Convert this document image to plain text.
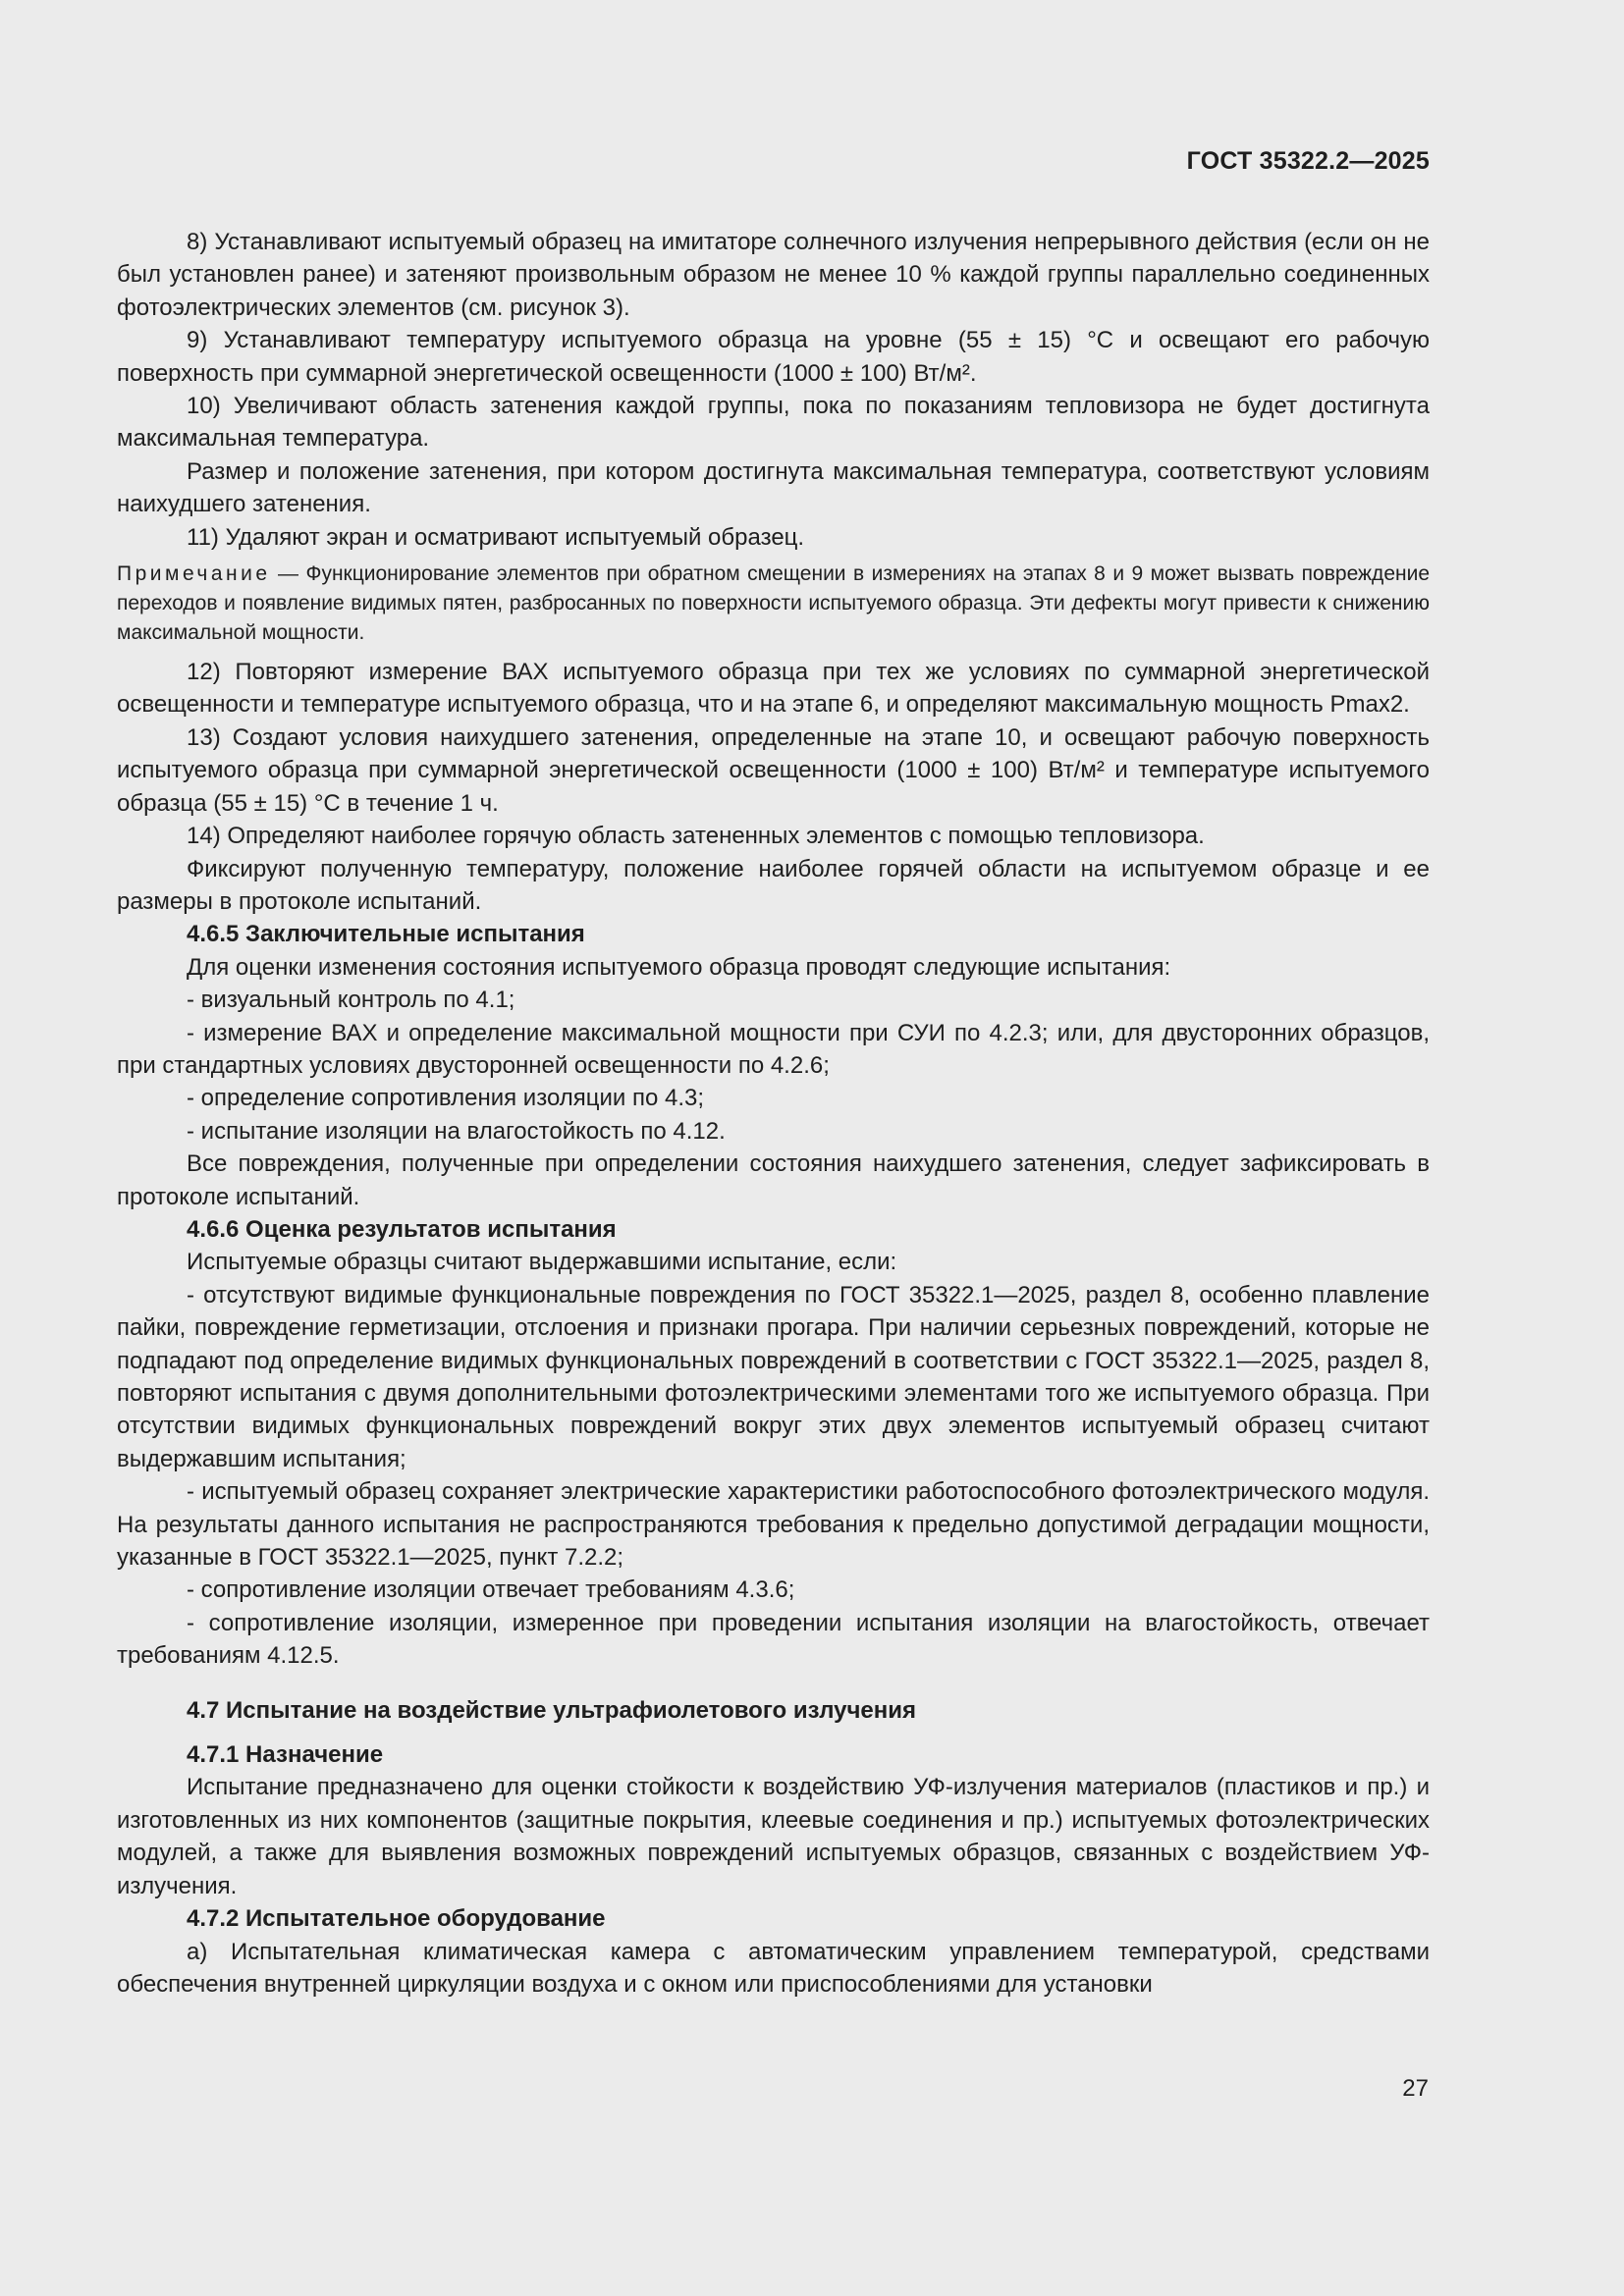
ГОСТ 35322.2—2025

8) Устанавливают испытуемый образец на имитаторе солнечного излучения непрерывного действия (если он не был установлен ранее) и затеняют произвольным образом не менее 10 % каждой группы параллельно соединенных фотоэлектрических элементов (см. рисунок 3).

9) Устанавливают температуру испытуемого образца на уровне (55 ± 15) °C и освещают его рабочую поверхность при суммарной энергетической освещенности (1000 ± 100) Вт/м².

10) Увеличивают область затенения каждой группы, пока по показаниям тепловизора не будет достигнута максимальная температура.

Размер и положение затенения, при котором достигнута максимальная температура, соответствуют условиям наихудшего затенения.

11) Удаляют экран и осматривают испытуемый образец.

Примечание — Функционирование элементов при обратном смещении в измерениях на этапах 8 и 9 может вызвать повреждение переходов и появление видимых пятен, разбросанных по поверхности испытуемого образца. Эти дефекты могут привести к снижению максимальной мощности.

12) Повторяют измерение ВАХ испытуемого образца при тех же условиях по суммарной энергетической освещенности и температуре испытуемого образца, что и на этапе 6, и определяют максимальную мощность Pmax2.

13) Создают условия наихудшего затенения, определенные на этапе 10, и освещают рабочую поверхность испытуемого образца при суммарной энергетической освещенности (1000 ± 100) Вт/м² и температуре испытуемого образца (55 ± 15) °C в течение 1 ч.

14) Определяют наиболее горячую область затененных элементов с помощью тепловизора.

Фиксируют полученную температуру, положение наиболее горячей области на испытуемом образце и ее размеры в протоколе испытаний.

4.6.5 Заключительные испытания

Для оценки изменения состояния испытуемого образца проводят следующие испытания:

- визуальный контроль по 4.1;

- измерение ВАХ и определение максимальной мощности при СУИ по 4.2.3; или, для двусторонних образцов, при стандартных условиях двусторонней освещенности по 4.2.6;

- определение сопротивления изоляции по 4.3;

- испытание изоляции на влагостойкость по 4.12.

Все повреждения, полученные при определении состояния наихудшего затенения, следует зафиксировать в протоколе испытаний.

4.6.6 Оценка результатов испытания

Испытуемые образцы считают выдержавшими испытание, если:

- отсутствуют видимые функциональные повреждения по ГОСТ 35322.1—2025, раздел 8, особенно плавление пайки, повреждение герметизации, отслоения и признаки прогара. При наличии серьезных повреждений, которые не подпадают под определение видимых функциональных повреждений в соответствии с ГОСТ 35322.1—2025, раздел 8, повторяют испытания с двумя дополнительными фотоэлектрическими элементами того же испытуемого образца. При отсутствии видимых функциональных повреждений вокруг этих двух элементов испытуемый образец считают выдержавшим испытания;

- испытуемый образец сохраняет электрические характеристики работоспособного фотоэлектрического модуля. На результаты данного испытания не распространяются требования к предельно допустимой деградации мощности, указанные в ГОСТ 35322.1—2025, пункт 7.2.2;

- сопротивление изоляции отвечает требованиям 4.3.6;

- сопротивление изоляции, измеренное при проведении испытания изоляции на влагостойкость, отвечает требованиям 4.12.5.

4.7 Испытание на воздействие ультрафиолетового излучения

4.7.1 Назначение

Испытание предназначено для оценки стойкости к воздействию УФ-излучения материалов (пластиков и пр.) и изготовленных из них компонентов (защитные покрытия, клеевые соединения и пр.) испытуемых фотоэлектрических модулей, а также для выявления возможных повреждений испытуемых образцов, связанных с воздействием УФ-излучения.

4.7.2 Испытательное оборудование

а) Испытательная климатическая камера с автоматическим управлением температурой, средствами обеспечения внутренней циркуляции воздуха и с окном или приспособлениями для установки

27
